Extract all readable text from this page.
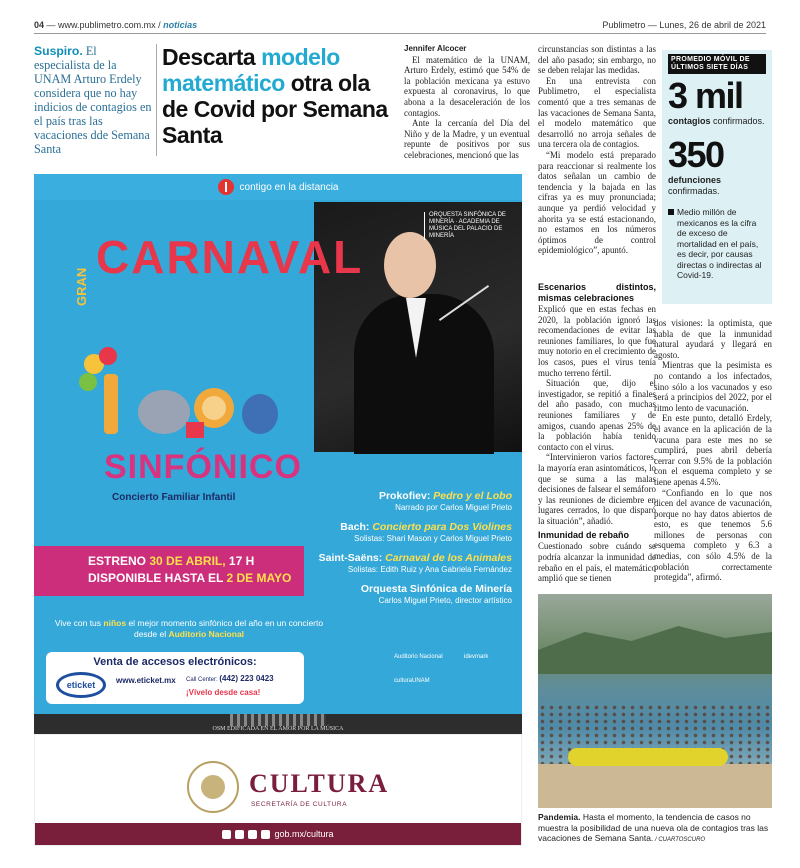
04 — www.publimetro.com.mx / noticias	Publimetro — Lunes, 26 de abril de 2021
Suspiro. El especialista de la UNAM Arturo Erdely considera que no hay indicios de contagios en el país tras las vacaciones dde Semana Santa
Descarta modelo matemático otra ola de Covid por Semana Santa

Jennifer Alcocer

El matemático de la UNAM, Arturo Erdely, estimó que 54% de la población mexicana ya estuvo expuesta al coronavirus, lo que abona a la desaceleración de los contagios.

Ante la cercanía del Día del Niño y de la Madre, y un eventual repunte de positivos por sus celebraciones, mencionó que las

circunstancias son distintas a las del año pasado; sin embargo, no se deben relajar las medidas.

En una entrevista con Publimetro, el especialista comentó que a tres semanas de las vacaciones de Semana Santa, el modelo matemático que desarrolló no arroja señales de una tercera ola de contagios.

“Mi modelo está preparado para reaccionar si realmente los datos señalan un cambio de tendencia y la bajada en las cifras ya es muy pronunciada; aunque ya perdió velocidad y ahorita ya se está estacionando, no estamos en los números óptimos de control epidemiológico”, apuntó.

Escenarios distintos, mismas celebraciones

Explicó que en estas fechas en 2020, la población ignoró las recomendaciones de evitar las reuniones familiares, lo que fue muy notorio en el crecimiento de los casos, pues el virus tenía mucho terreno fértil.

Situación que, dijo el investigador, se repitió a finales del año pasado, con muchas reuniones familiares y de amigos, cuando apenas 25% de la población había tenido contacto con el virus.

“Intervinieron varios factores, la mayoría eran asintomáticos, lo que se suma a las malas decisiones de falsear el semáforo y las reuniones de diciembre en lugares cerrados, lo que disparó la situación”, añadió.

Inmunidad de rebaño

Cuestionado sobre cuándo se podría alcanzar la inmunidad de rebaño en el país, el matemático amplió que se tienen

dos visiones: la optimista, que habla de que la inmunidad natural ayudará y llegará en agosto.

Mientras que la pesimista es no contando a los infectados, sino sólo a los vacunados y eso será a principios del 2022, por el ritmo lento de vacunación.

En este punto, detalló Erdely, el avance en la aplicación de la vacuna para este mes no se cumplirá, pues abril debería cerrar con 9.5% de la población con el esquema completo y se tiene apenas 4.5%.

“Confiando en lo que nos dicen del avance de vacunación, porque no hay datos abiertos de esto, es que tenemos 5.6 millones de personas con esquema completo y 6.3 a medias, con sólo 4.5% de la población correctamente protegida”, afirmó.

PROMEDIO MÓVIL DE ÚLTIMOS SIETE DÍAS
3 mil
contagios confirmados.
350
defunciones confirmadas.
Medio millón de mexicanos es la cifra de exceso de mortalidad en el país, es decir, por causas directas o indirectas al Covid-19.
contigo en la distancia
ORQUESTA SINFÓNICA DE MINERÍA · ACADEMIA DE MÚSICA DEL PALACIO DE MINERÍA
GRAN
CARNAVAL
SINFÓNICO
Concierto Familiar Infantil	Prokofiev: Pedro y el Lobo
Narrado por Carlos Miguel Prieto
Bach: Concierto para Dos Violines
Solistas: Shari Mason y Carlos Miguel Prieto
Saint-Saëns: Carnaval de los Animales
Solistas: Edith Ruiz y Ana Gabriela Fernández
Orquesta Sinfónica de Minería
Carlos Miguel Prieto, director artístico
ESTRENO 30 DE ABRIL, 17 H
DISPONIBLE HASTA EL 2 DE MAYO
Vive con tus niños el mejor momento sinfónico del año en un concierto desde el Auditorio Nacional
Venta de accesos electrónicos:
eticket	www.eticket.mx Call Center: (442) 223 0423
¡Vívelo desde casa!
Auditorio Nacional	idevmark
culturaUNAM
OSM EDIFICADA EN EL AMOR POR LA MÚSICA
CULTURA
SECRETARÍA DE CULTURA
gob.mx/cultura
Pandemia. Hasta el momento, la tendencia de casos no muestra la posibilidad de una nueva ola de contagios tras las vacaciones de Semana Santa. / CUARTOSCURO
